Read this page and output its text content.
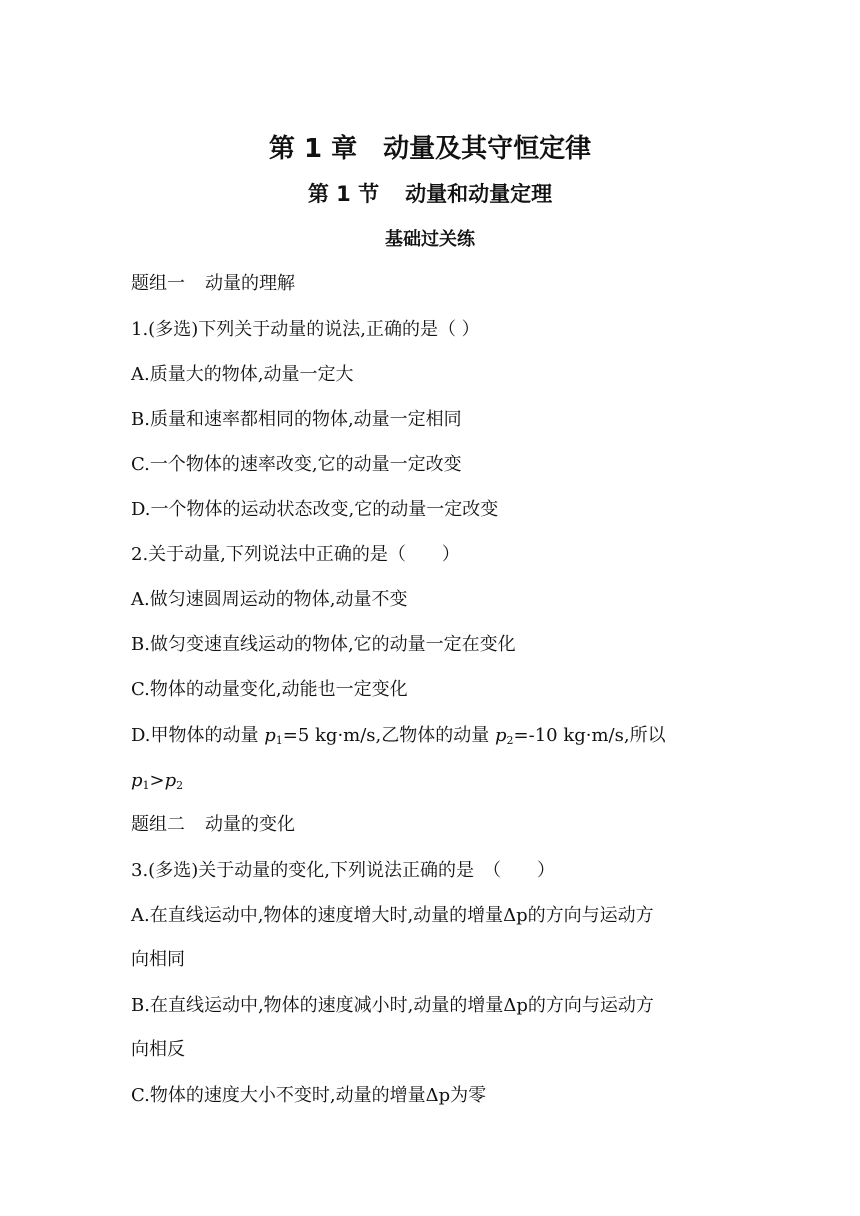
第 1 章 动量及其守恒定律
第 1 节 动量和动量定理
基础过关练
题组一 动量的理解
1.(多选)下列关于动量的说法,正确的是（ ）
A.质量大的物体,动量一定大
B.质量和速率都相同的物体,动量一定相同
C.一个物体的速率改变,它的动量一定改变
D.一个物体的运动状态改变,它的动量一定改变
2.关于动量,下列说法中正确的是（　　）
A.做匀速圆周运动的物体,动量不变
B.做匀变速直线运动的物体,它的动量一定在变化
C.物体的动量变化,动能也一定变化
D.甲物体的动量 $p_1=5$ kg·m/s,乙物体的动量 $p_2=-10$ kg·m/s,所以
$p_1>p_2$
题组二 动量的变化
3.(多选)关于动量的变化,下列说法正确的是　（　　）
A.在直线运动中,物体的速度增大时,动量的增量Δp的方向与运动方
向相同
B.在直线运动中,物体的速度减小时,动量的增量Δp的方向与运动方
向相反
C.物体的速度大小不变时,动量的增量Δp为零
